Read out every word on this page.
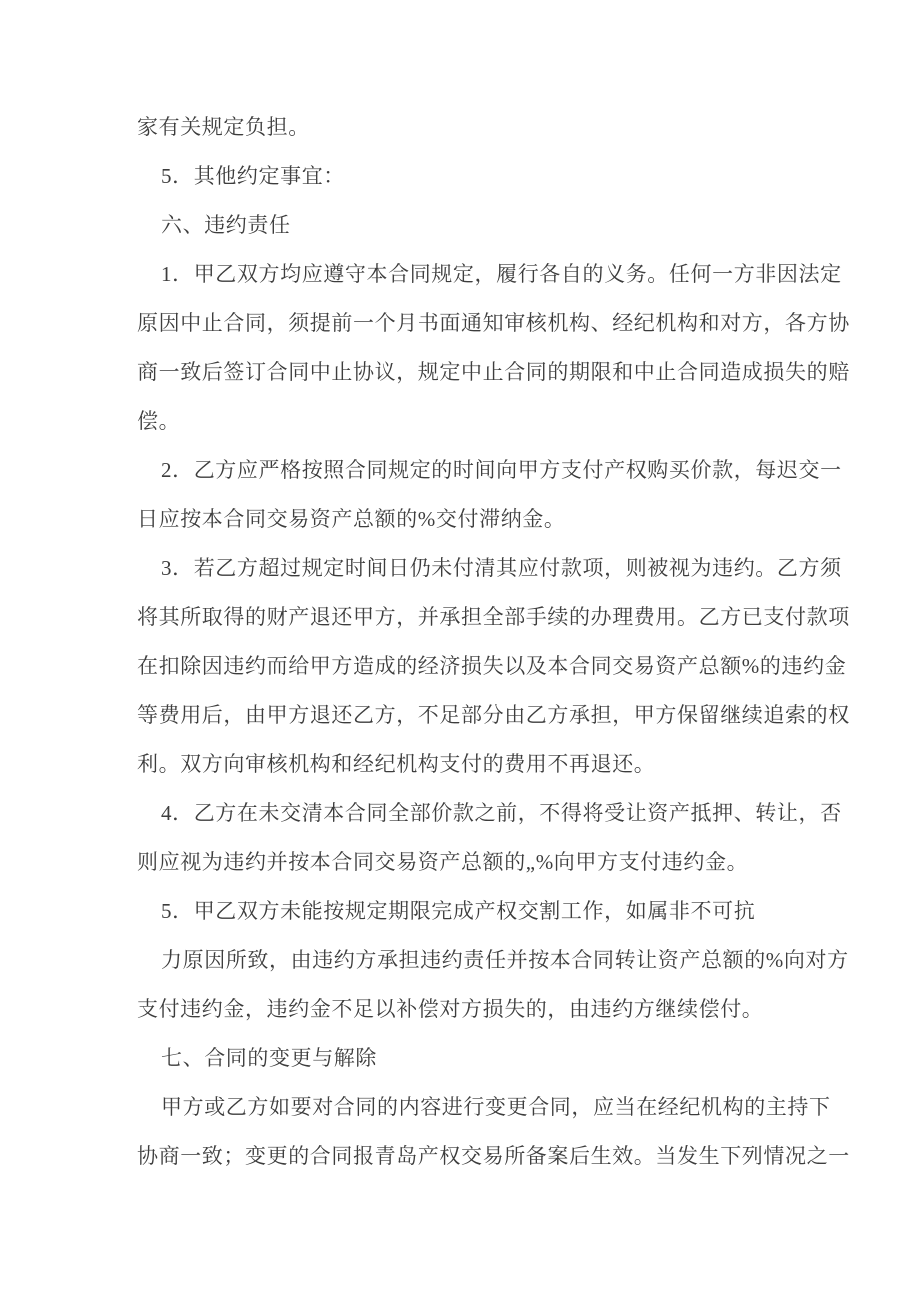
家有关规定负担。
5．其他约定事宜：
六、违约责任
1．甲乙双方均应遵守本合同规定，履行各自的义务。任何一方非因法定
原因中止合同，须提前一个月书面通知审核机构、经纪机构和对方，各方协
商一致后签订合同中止协议，规定中止合同的期限和中止合同造成损失的赔
偿。
2．乙方应严格按照合同规定的时间向甲方支付产权购买价款，每迟交一
日应按本合同交易资产总额的%交付滞纳金。
3．若乙方超过规定时间日仍未付清其应付款项，则被视为违约。乙方须
将其所取得的财产退还甲方，并承担全部手续的办理费用。乙方已支付款项
在扣除因违约而给甲方造成的经济损失以及本合同交易资产总额%的违约金
等费用后，由甲方退还乙方，不足部分由乙方承担，甲方保留继续追索的权
利。双方向审核机构和经纪机构支付的费用不再退还。
4．乙方在未交清本合同全部价款之前，不得将受让资产抵押、转让，否
则应视为违约并按本合同交易资产总额的„%向甲方支付违约金。
5．甲乙双方未能按规定期限完成产权交割工作，如属非不可抗
力原因所致，由违约方承担违约责任并按本合同转让资产总额的%向对方
支付违约金，违约金不足以补偿对方损失的，由违约方继续偿付。
七、合同的变更与解除
甲方或乙方如要对合同的内容进行变更合同，应当在经纪机构的主持下
协商一致；变更的合同报青岛产权交易所备案后生效。当发生下列情况之一
